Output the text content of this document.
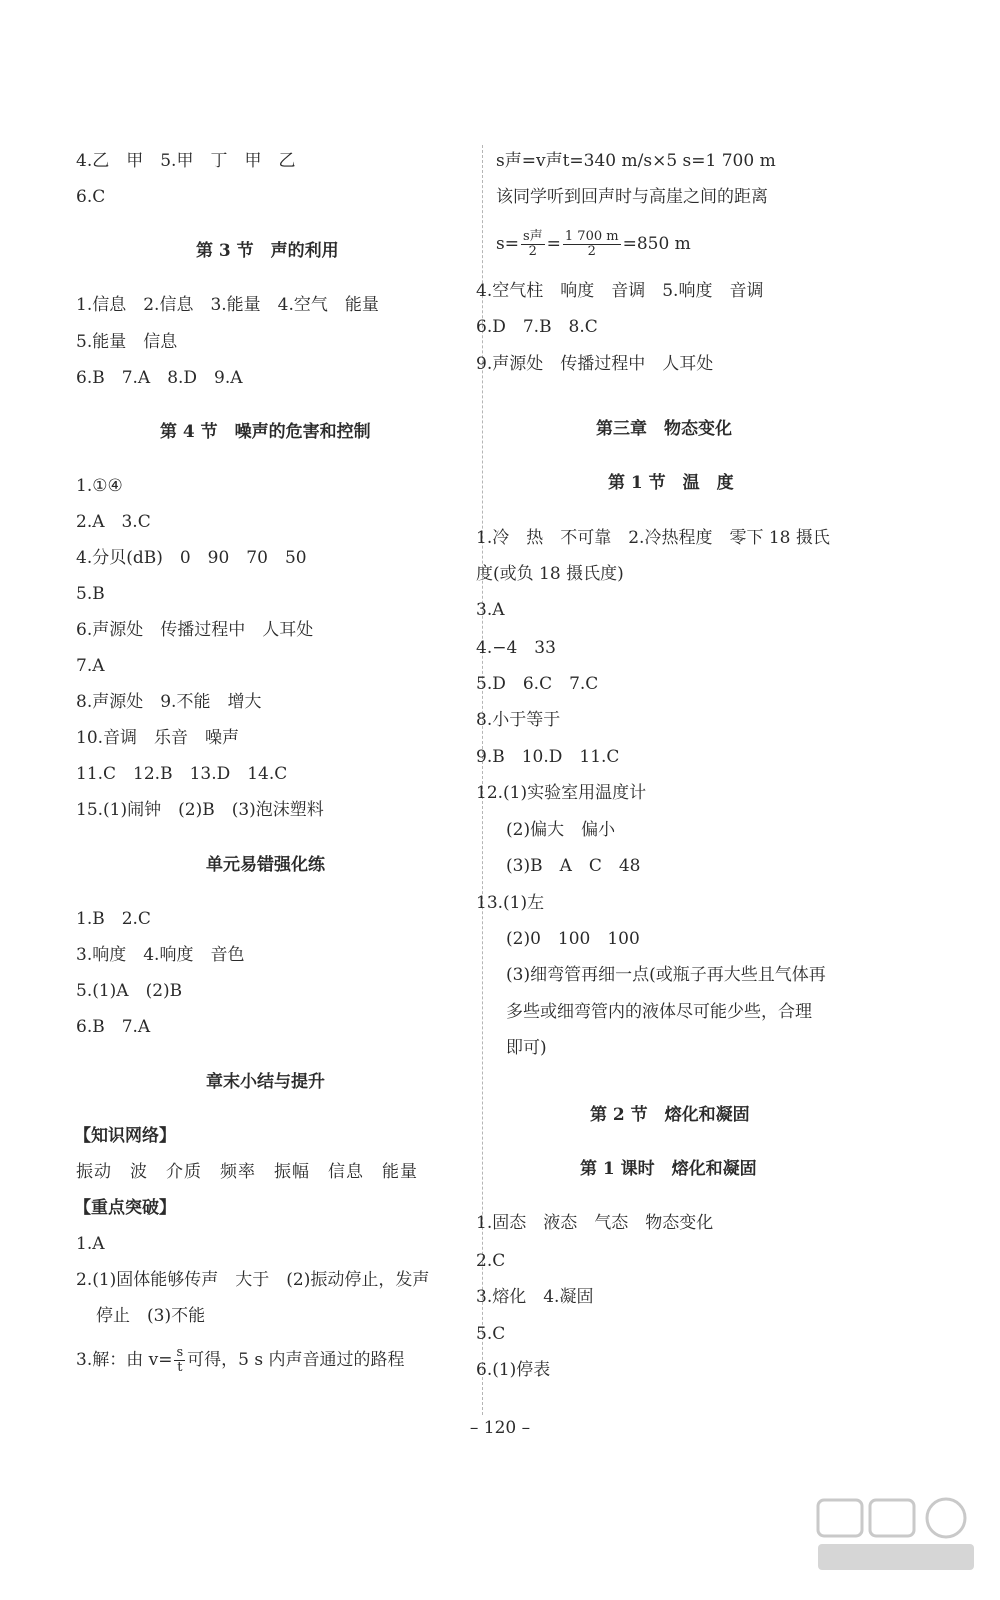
4.乙　甲　5.甲　丁　甲　乙
6.C
第 3 节　声的利用
1.信息　2.信息　3.能量　4.空气　能量
5.能量　信息
6.B　7.A　8.D　9.A
第 4 节　噪声的危害和控制
1.①④
2.A　3.C
4.分贝(dB)　0　90　70　50
5.B
6.声源处　传播过程中　人耳处
7.A
8.声源处　9.不能　增大
10.音调　乐音　噪声
11.C　12.B　13.D　14.C
15.(1)闹钟　(2)B　(3)泡沫塑料
单元易错强化练
1.B　2.C
3.响度　4.响度　音色
5.(1)A　(2)B
6.B　7.A
章末小结与提升
【知识网络】
振动　波　介质　频率　振幅　信息　能量
【重点突破】
1.A
2.(1)固体能够传声　大于　(2)振动停止，发声
停止　(3)不能
3.解：由 $v= \frac{s}{t}$ 可得，5 s 内声音通过的路程
s声=v声t=340 m/s×5 s=1 700 m
该同学听到回声时与高崖之间的距离
$s= \frac{\text{s声}}{2} = \frac{1 700 m}{2} =850$ m
4.空气柱　响度　音调　5.响度　音调
6.D　7.B　8.C
9.声源处　传播过程中　人耳处
第三章　物态变化
第 1 节　温　度
1.冷　热　不可靠　2.冷热程度　零下 18 摄氏
度(或负 18 摄氏度)
3.A
4.−4　33
5.D　6.C　7.C
8.小于等于
9.B　10.D　11.C
12.(1)实验室用温度计
(2)偏大　偏小
(3)B　A　C　48
13.(1)左
(2)0　100　100
(3)细弯管再细一点(或瓶子再大些且气体再
多些或细弯管内的液体尽可能少些，合理
即可)
第 2 节　熔化和凝固
第 1 课时　熔化和凝固
1.固态　液态　气态　物态变化
2.C
3.熔化　4.凝固
5.C
6.(1)停表
– 120 –
